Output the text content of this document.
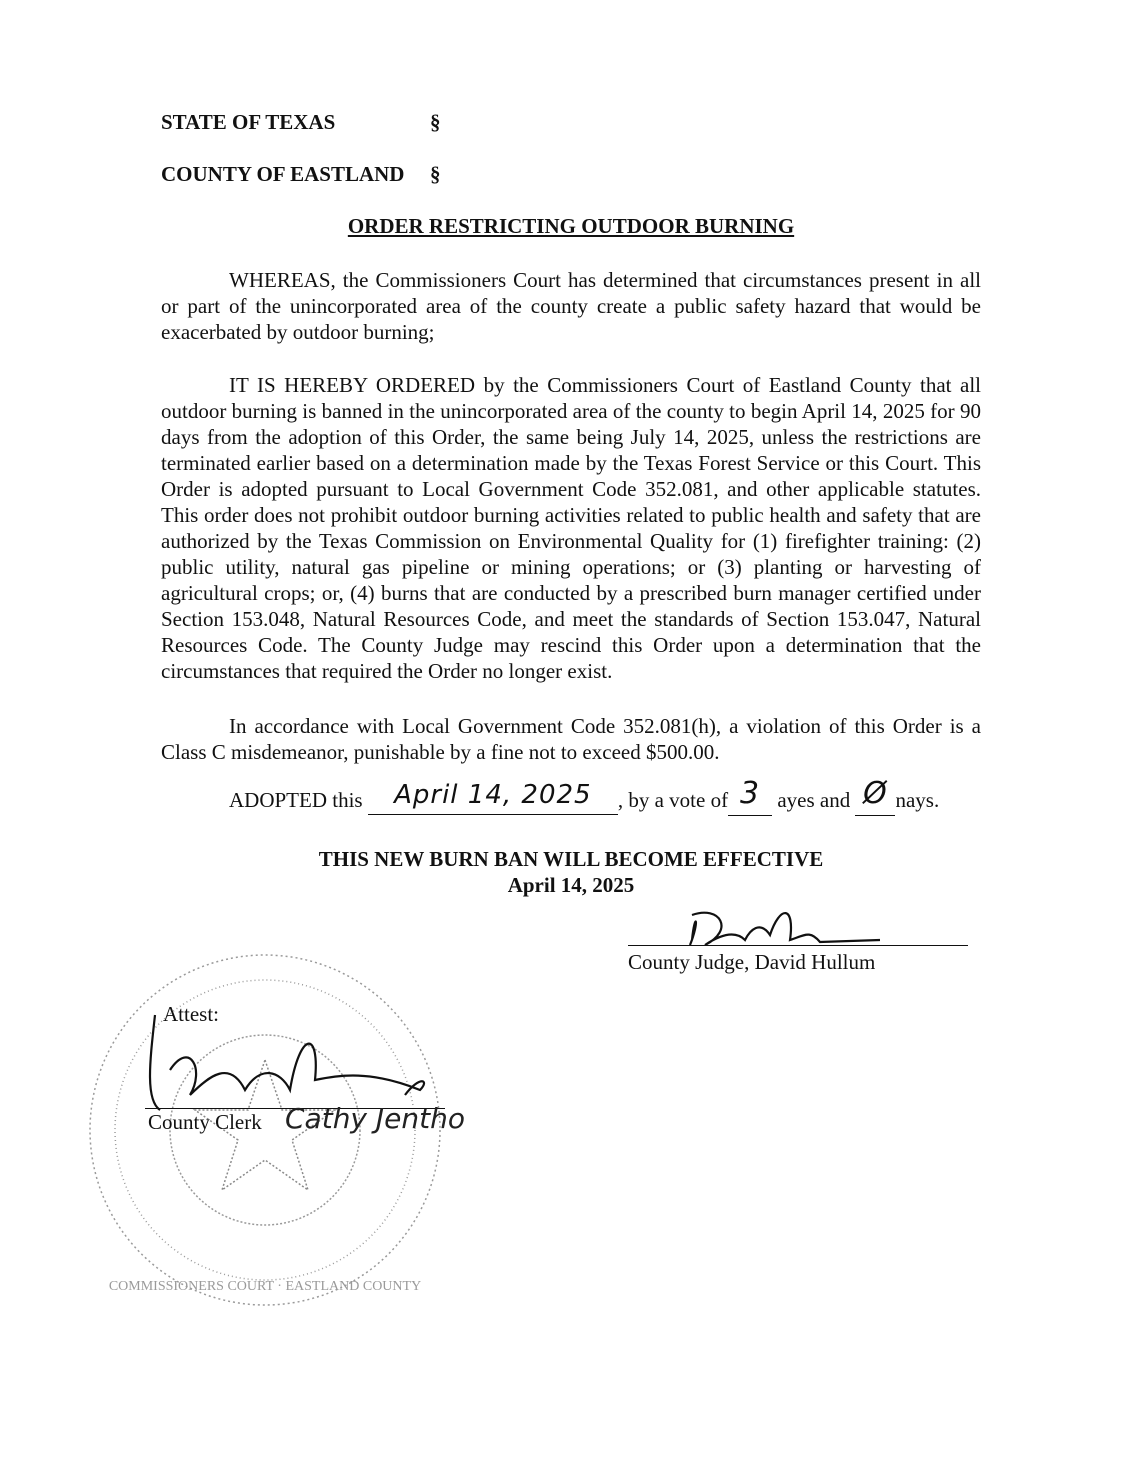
STATE OF TEXAS	§
COUNTY OF EASTLAND §
ORDER RESTRICTING OUTDOOR BURNING

WHEREAS, the Commissioners Court has determined that circumstances present in all or part of the unincorporated area of the county create a public safety hazard that would be exacerbated by outdoor burning;

IT IS HEREBY ORDERED by the Commissioners Court of Eastland County that all outdoor burning is banned in the unincorporated area of the county to begin April 14, 2025 for 90 days from the adoption of this Order, the same being July 14, 2025, unless the restrictions are terminated earlier based on a determination made by the Texas Forest Service or this Court. This Order is adopted pursuant to Local Government Code 352.081, and other applicable statutes. This order does not prohibit outdoor burning activities related to public health and safety that are authorized by the Texas Commission on Environmental Quality for (1) firefighter training: (2) public utility, natural gas pipeline or mining operations; or (3) planting or harvesting of agricultural crops; or, (4) burns that are conducted by a prescribed burn manager certified under Section 153.048, Natural Resources Code, and meet the standards of Section 153.047, Natural Resources Code. The County Judge may rescind this Order upon a determination that the circumstances that required the Order no longer exist.

In accordance with Local Government Code 352.081(h), a violation of this Order is a Class C misdemeanor, punishable by a fine not to exceed $500.00.

ADOPTED this April 14, 2025 , by a vote of 3 ayes and Ø nays.
THIS NEW BURN BAN WILL BECOME EFFECTIVE
April 14, 2025
COMMISSIONERS COURT · EASTLAND COUNTY
County Judge, David Hullum
Attest:
County Clerk Cathy Jentho
